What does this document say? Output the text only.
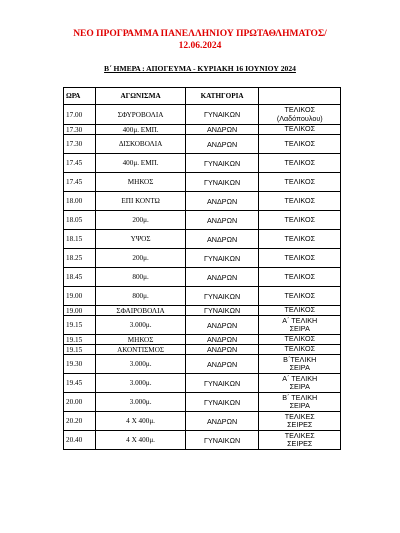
ΝΕΟ ΠΡΟΓΡΑΜΜΑ ΠΑΝΕΛΛΗΝΙΟΥ ΠΡΩΤΑΘΛΗΜΑΤΟΣ/
12.06.2024
Β΄ ΗΜΕΡΑ : ΑΠΟΓΕΥΜΑ - ΚΥΡΙΑΚΗ 16 ΙΟΥΝΙΟΥ 2024
ΩΡΑ	ΑΓΩΝΙΣΜΑ	ΚΑΤΗΓΟΡΙΑ	
17.00	ΣΦΥΡΟΒΟΛΙΑ	ΓΥΝΑΙΚΩΝ	ΤΕΛΙΚΟΣ
(Λαδόπουλου)

17.30	400μ. ΕΜΠ.	ΑΝΔΡΩΝ	ΤΕΛΙΚΟΣ

17.30	ΔΙΣΚΟΒΟΛΙΑ	ΑΝΔΡΩΝ	ΤΕΛΙΚΟΣ

17.45	400μ. ΕΜΠ.	ΓΥΝΑΙΚΩΝ	ΤΕΛΙΚΟΣ

17.45	ΜΗΚΟΣ	ΓΥΝΑΙΚΩΝ	ΤΕΛΙΚΟΣ

18.00	ΕΠΙ ΚΟΝΤΩ	ΑΝΔΡΩΝ	ΤΕΛΙΚΟΣ

18.05	200μ.	ΑΝΔΡΩΝ	ΤΕΛΙΚΟΣ

18.15	ΥΨΟΣ	ΑΝΔΡΩΝ	ΤΕΛΙΚΟΣ

18.25	200μ.	ΓΥΝΑΙΚΩΝ	ΤΕΛΙΚΟΣ

18.45	800μ.	ΑΝΔΡΩΝ	ΤΕΛΙΚΟΣ

19.00	800μ.	ΓΥΝΑΙΚΩΝ	ΤΕΛΙΚΟΣ

19.00	ΣΦΑΙΡΟΒΟΛΙΑ	ΓΥΝΑΙΚΩΝ	ΤΕΛΙΚΟΣ

19.15	3.000μ.	ΑΝΔΡΩΝ	Α΄ ΤΕΛΙΚΗ
ΣΕΙΡΑ

19.15	ΜΗΚΟΣ	ΑΝΔΡΩΝ	ΤΕΛΙΚΟΣ

19.15	ΑΚΟΝΤΙΣΜΟΣ	ΑΝΔΡΩΝ	ΤΕΛΙΚΟΣ

19.30	3.000μ.	ΑΝΔΡΩΝ	Β΄ΤΕΛΙΚΗ
ΣΕΙΡΑ

19.45	3.000μ.	ΓΥΝΑΙΚΩΝ	Α΄ ΤΕΛΙΚΗ
ΣΕΙΡΑ

20.00	3.000μ.	ΓΥΝΑΙΚΩΝ	Β΄ ΤΕΛΙΚΗ
ΣΕΙΡΑ

20.20	4 Χ 400μ.	ΑΝΔΡΩΝ	ΤΕΛΙΚΕΣ
ΣΕΙΡΕΣ

20.40	4 Χ 400μ.	ΓΥΝΑΙΚΩΝ	ΤΕΛΙΚΕΣ
ΣΕΙΡΕΣ
